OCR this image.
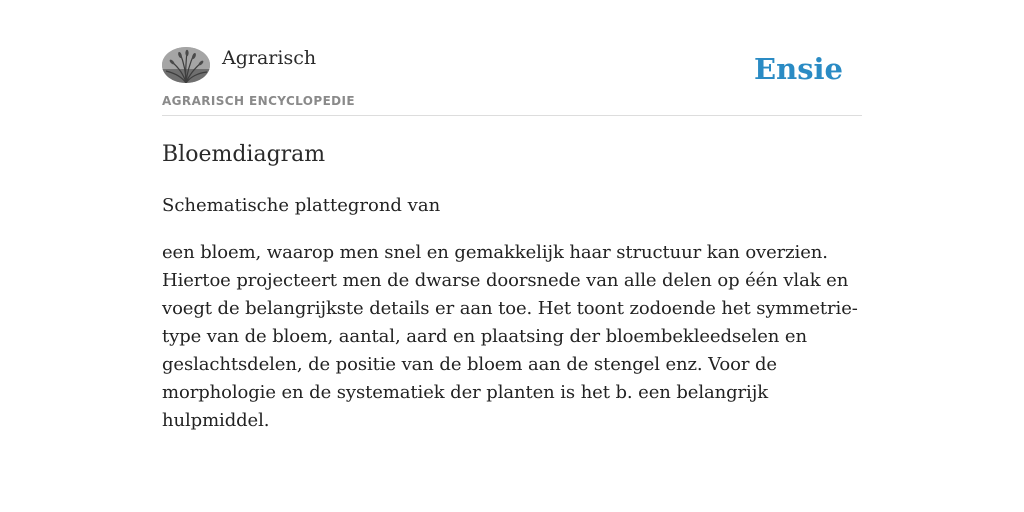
Agrarisch
AGRARISCH ENCYCLOPEDIE
Ensie
Bloemdiagram

Schematische plattegrond van

een bloem, waarop men snel en gemakkelijk haar structuur kan overzien. Hiertoe projecteert men de dwarse doorsnede van alle delen op één vlak en voegt de belangrijkste details er aan toe. Het toont zodoende het symmetrie-type van de bloem, aantal, aard en plaatsing der bloembekleedselen en geslachtsdelen, de positie van de bloem aan de stengel enz. Voor de morphologie en de systematiek der planten is het b. een belangrijk hulpmiddel.
